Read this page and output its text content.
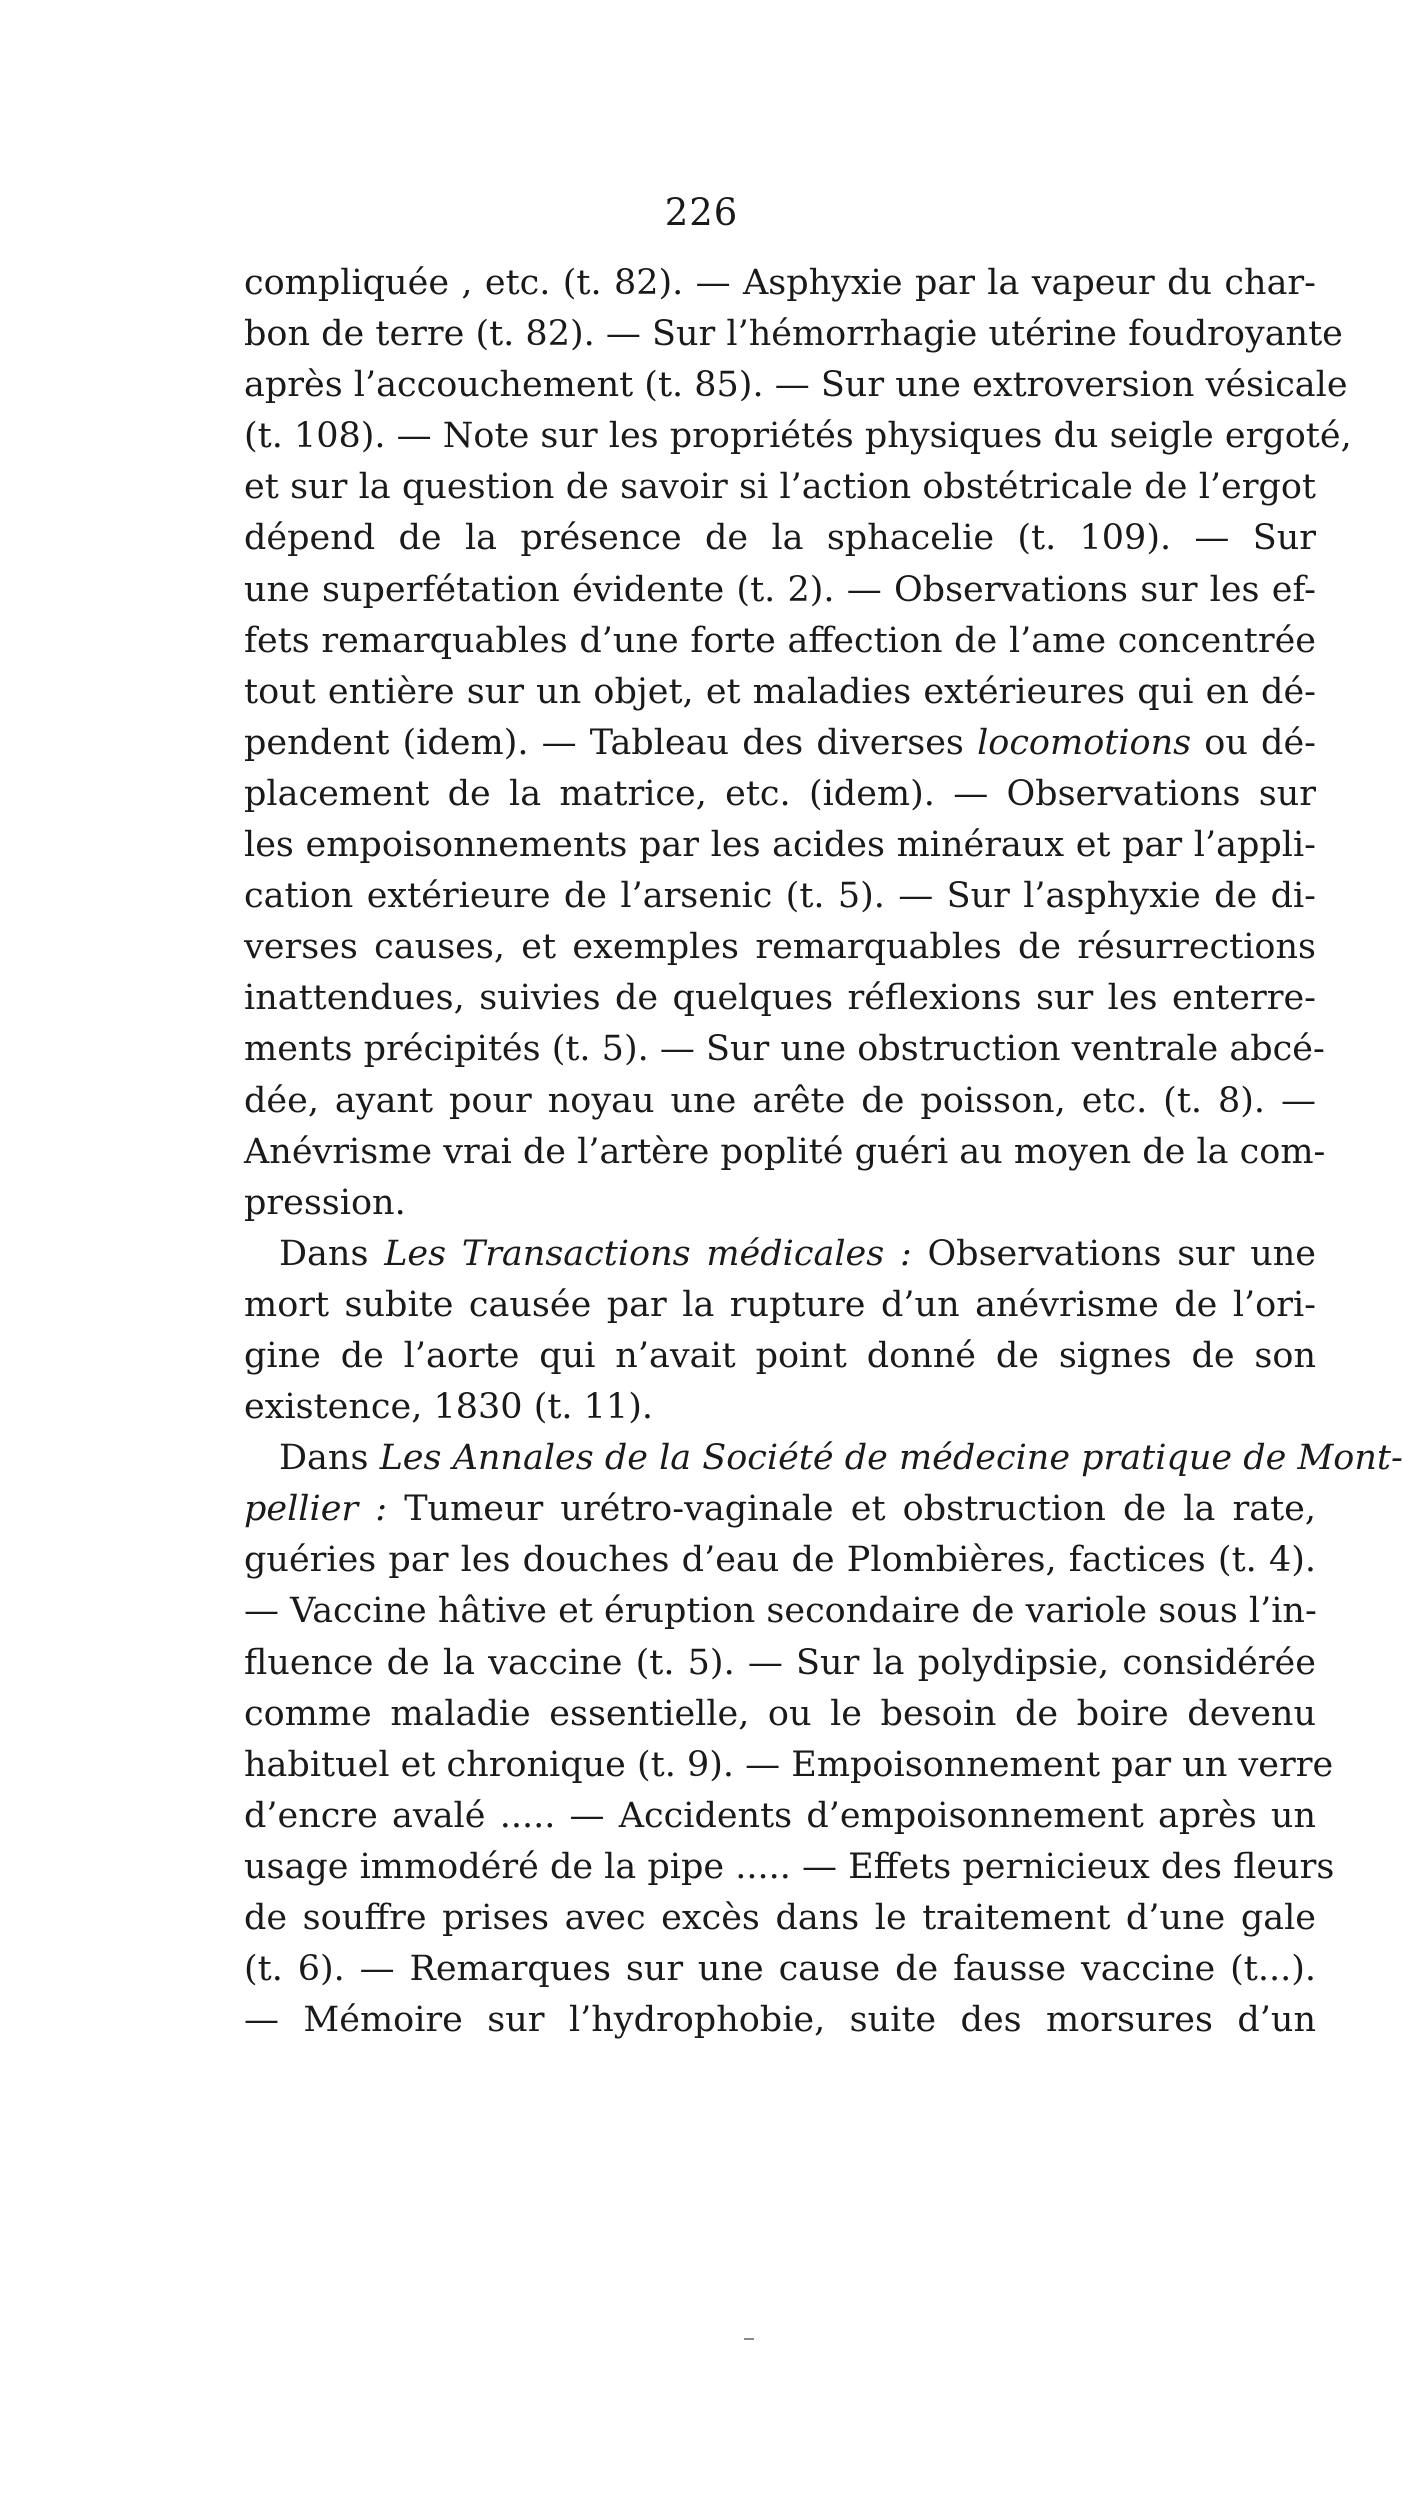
226
compliquée , etc. (t. 82). — Asphyxie par la vapeur du char-
bon de terre (t. 82). — Sur l’hémorrhagie utérine foudroyante
après l’accouchement (t. 85). — Sur une extroversion vésicale
(t. 108). — Note sur les propriétés physiques du seigle ergoté,
et sur la question de savoir si l’action obstétricale de l’ergot
dépend de la présence de la sphacelie (t. 109). — Sur
une superfétation évidente (t. 2). — Observations sur les ef-
fets remarquables d’une forte affection de l’ame concentrée
tout entière sur un objet, et maladies extérieures qui en dé-
pendent (idem). — Tableau des diverses locomotions ou dé-
placement de la matrice, etc. (idem). — Observations sur
les empoisonnements par les acides minéraux et par l’appli-
cation extérieure de l’arsenic (t. 5). — Sur l’asphyxie de di-
verses causes, et exemples remarquables de résurrections
inattendues, suivies de quelques réflexions sur les enterre-
ments précipités (t. 5). — Sur une obstruction ventrale abcé-
dée, ayant pour noyau une arête de poisson, etc. (t. 8). —
Anévrisme vrai de l’artère poplité guéri au moyen de la com-
pression.
Dans Les Transactions médicales : Observations sur une
mort subite causée par la rupture d’un anévrisme de l’ori-
gine de l’aorte qui n’avait point donné de signes de son
existence, 1830 (t. 11).
Dans Les Annales de la Société de médecine pratique de Mont-
pellier : Tumeur urétro-vaginale et obstruction de la rate,
guéries par les douches d’eau de Plombières, factices (t. 4).
— Vaccine hâtive et éruption secondaire de variole sous l’in-
fluence de la vaccine (t. 5). — Sur la polydipsie, considérée
comme maladie essentielle, ou le besoin de boire devenu
habituel et chronique (t. 9). — Empoisonnement par un verre
d’encre avalé ..... — Accidents d’empoisonnement après un
usage immodéré de la pipe ..... — Effets pernicieux des fleurs
de souffre prises avec excès dans le traitement d’une gale
(t. 6). — Remarques sur une cause de fausse vaccine (t...).
— Mémoire sur l’hydrophobie, suite des morsures d’un
